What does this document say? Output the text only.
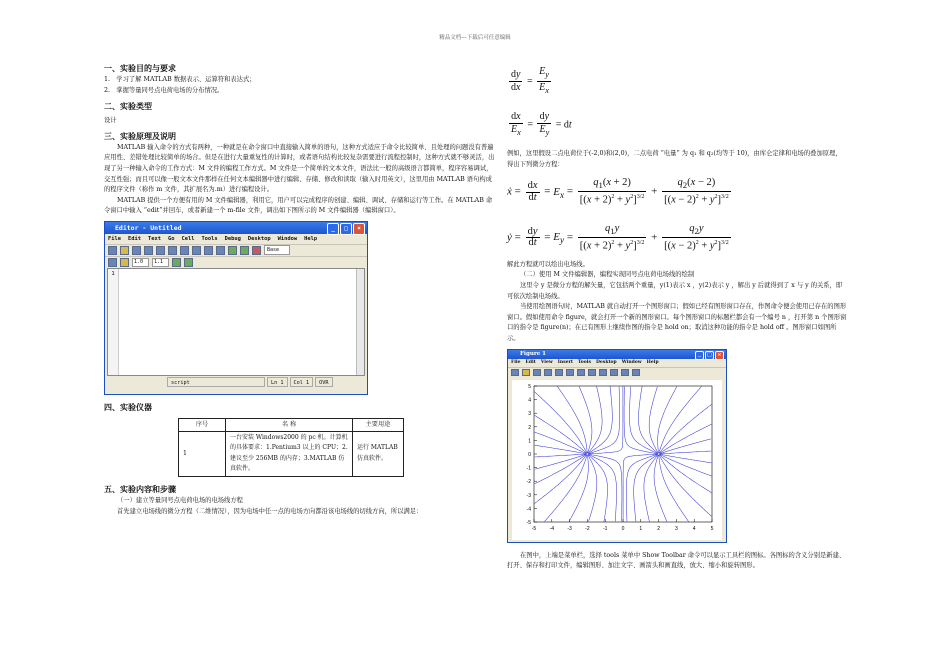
精品文档---下载后可任意编辑
一、实验目的与要求

1.　学习了解 MATLAB 数据表示、运算符和表达式；

2.　掌握等量同号点电荷电场的分布情况。

二、实验类型

设计

三、实验原理及说明

MATLAB 输入命令的方式有两种，一种就是在命令窗口中直接输入简单的语句，这种方式适应于命令比较简单、且处理的问题没有普遍应用性、差错处理比较简单的场合。但是在进行大量重复性的计算时，或者语句结构比较复杂需要进行流程控制时，这种方式就不够灵活，出现了另一种输入命令的工作方式：M 文件的编程工作方式。M 文件是一个简单的文本文件，语法比一般的高级语言都简单，程序容易调试，交互性强；而且可以像一般文本文件那样在任何文本编辑器中进行编辑、存储、修改和读取（输入时用英文），这里用由 MATLAB 语句构成的程序文件（称作 m 文件，其扩展名为.m）进行编程设计。

MATLAB 提供一个方便有用的 M 文件编辑器，利用它，用户可以完成程序的创建、编辑、调试、存储和运行等工作。在 MATLAB 命令窗口中输入 “edit”并回车，或者新建一个 m-file 文件，调出如下图所示的 M 文件编辑器（编辑窗口）。

Editor - Untitled	_	□	×
File Edit Text Go Cell Tools Debug Desktop Window Help
Base
1.0	1.1
1
script	Ln 1	Col 1	OVR
四、实验仪器
序号	名 称	主要用途
1	一台安装 Windows2000 的 pc 机。计算机的具体要求：1.Pentium3 以上的 CPU；2.建议至少 256MB 的内存；3.MATLAB 仿真软件。	运行 MATLAB 仿真软件。
五、实验内容和步骤

（一）建立等量同号点电荷电场的电场线方程

首先建立电场线的微分方程（二维情况），因为电场中任一点的电场方向都沿该电场线的切线方向，所以满足：

$\frac{dy}{dx} = \frac{E_y}{E_x}$
$\frac{dx}{E_x} = \frac{dy}{E_y}$ = dt

例如，这里假设二点电荷位于(-2,0)和(2,0)，二点电荷 “电量” 为 q₁ 和 q₂(均等于 10)，由库仑定律和电场的叠加原理，得出下列微分方程：

ẋ = $\frac{dx}{dt} = E_x = \frac{q_1(x + 2)}{[(x + 2)^2 + y^2]^{3/2}} + \frac{q_2(x - 2)}{[(x - 2)^2 + y^2]^{3/2}}$
ẏ = $\frac{dy}{dt} = E_y = \frac{q_1y}{[(x + 2)^2 + y^2]^{3/2}} + \frac{q_2y}{[(x - 2)^2 + y^2]^{3/2}}$

解此方程就可以绘出电场线。

（二）使用 M 文件编辑器，编程实现同号点电荷电场线的绘制

这里令 y 是微分方程的解矢量，它包括两个重量，y(1)表示 x ，y(2)表示 y ，解出 y 后就得到了 x 与 y 的关系，即可依次绘制电场线。

当使用绘图语句时，MATLAB 就自动打开一个图形窗口；假如已经有图形窗口存在，作图命令便会使用已存在的图形窗口。假如使用命令 figure，就会打开一个新的图形窗口。每个图形窗口的标题栏都会有一个编号 n ，打开第 n 个图形窗口的指令是 figure(n)；在已有图形上继续作图的指令是 hold on；取消这种功能的指令是 hold off 。图形窗口如图所示。

Figure 1	_	□	×
File Edit View Insert Tools Desktop Window Help
5
4
3
2
1
0
-1
-2
-3
-4
-5
-5	-4	-3	-2	-1	0	1	2	3	4	5

在图中，上端是菜单栏，选择 tools 菜单中 Show Toolbar 命令可以显示工具栏的图标。各图标的含义分别是新建、打开、保存和打印文件，编辑图形、加注文字、画箭头和画直线，放大、缩小和旋转图形。
